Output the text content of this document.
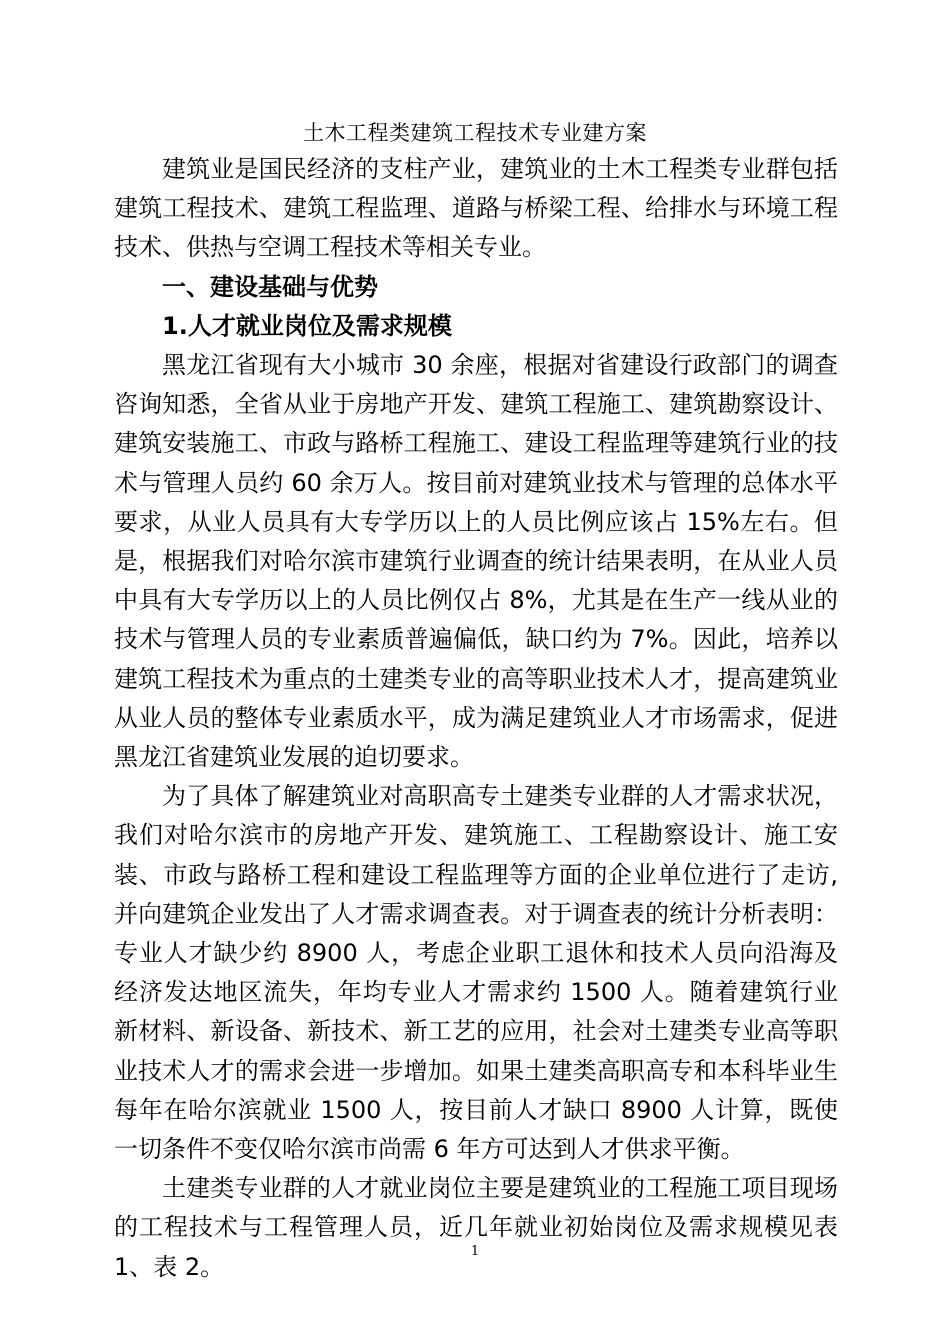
土木工程类建筑工程技术专业建方案

建筑业是国民经济的支柱产业，建筑业的土木工程类专业群包括建筑工程技术、建筑工程监理、道路与桥梁工程、给排水与环境工程技术、供热与空调工程技术等相关专业。

一、建设基础与优势

1.人才就业岗位及需求规模

黑龙江省现有大小城市 30 余座，根据对省建设行政部门的调查咨询知悉，全省从业于房地产开发、建筑工程施工、建筑勘察设计、建筑安装施工、市政与路桥工程施工、建设工程监理等建筑行业的技术与管理人员约 60 余万人。按目前对建筑业技术与管理的总体水平要求，从业人员具有大专学历以上的人员比例应该占 15%左右。但是，根据我们对哈尔滨市建筑行业调查的统计结果表明，在从业人员中具有大专学历以上的人员比例仅占 8%，尤其是在生产一线从业的技术与管理人员的专业素质普遍偏低，缺口约为 7%。因此，培养以建筑工程技术为重点的土建类专业的高等职业技术人才，提高建筑业从业人员的整体专业素质水平，成为满足建筑业人才市场需求，促进黑龙江省建筑业发展的迫切要求。

为了具体了解建筑业对高职高专土建类专业群的人才需求状况，我们对哈尔滨市的房地产开发、建筑施工、工程勘察设计、施工安装、市政与路桥工程和建设工程监理等方面的企业单位进行了走访,并向建筑企业发出了人才需求调查表。对于调查表的统计分析表明：专业人才缺少约 8900 人，考虑企业职工退休和技术人员向沿海及经济发达地区流失，年均专业人才需求约 1500 人。随着建筑行业新材料、新设备、新技术、新工艺的应用，社会对土建类专业高等职业技术人才的需求会进一步增加。如果土建类高职高专和本科毕业生每年在哈尔滨就业 1500 人，按目前人才缺口 8900 人计算，既使一切条件不变仅哈尔滨市尚需 6 年方可达到人才供求平衡。

土建类专业群的人才就业岗位主要是建筑业的工程施工项目现场的工程技术与工程管理人员，近几年就业初始岗位及需求规模见表 1、表 2。

1
